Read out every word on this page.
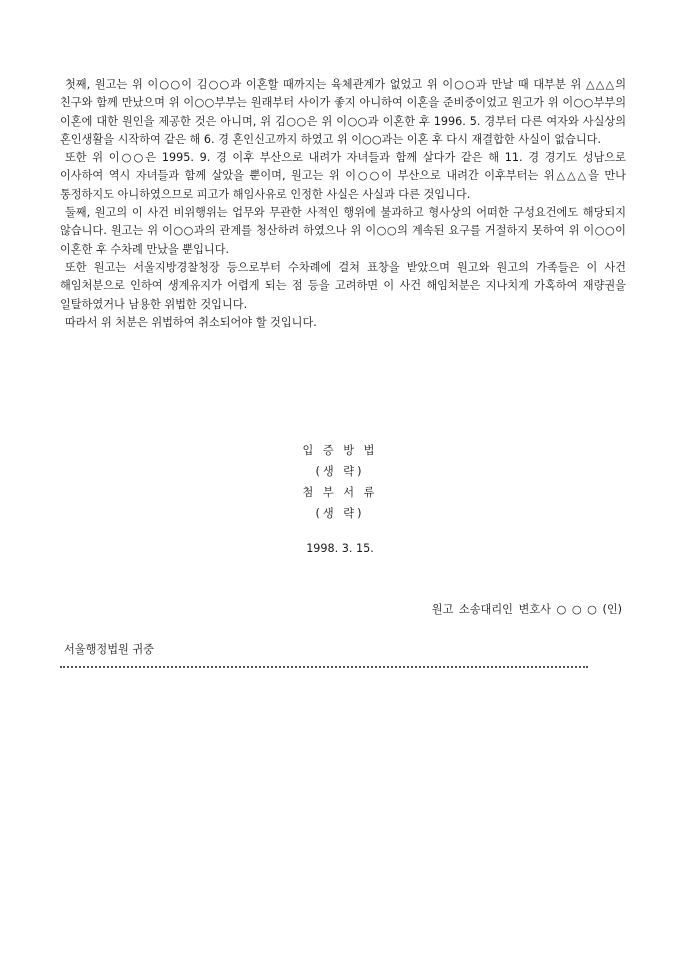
첫째, 원고는 위 이○○이 김○○과 이혼할 때까지는 육체관계가 없었고 위 이○○과 만날 때 대부분 위 △△△의 친구와 함께 만났으며 위 이○○부부는 원래부터 사이가 좋지 아니하여 이혼을 준비중이었고 원고가 위 이○○부부의 이혼에 대한 원인을 제공한 것은 아니며, 위 김○○은 위 이○○과 이혼한 후 1996. 5. 경부터 다른 여자와 사실상의 혼인생활을 시작하여 같은 해 6. 경 혼인신고까지 하였고 위 이○○과는 이혼 후 다시 재결합한 사실이 없습니다.

또한 위 이○○은 1995. 9. 경 이후 부산으로 내려가 자녀들과 함께 살다가 같은 해 11. 경 경기도 성남으로 이사하여 역시 자녀들과 함께 살았을 뿐이며, 원고는 위 이○○이 부산으로 내려간 이후부터는 위△△△을 만나 통정하지도 아니하였으므로 피고가 해임사유로 인정한 사실은 사실과 다른 것입니다.

둘째, 원고의 이 사건 비위행위는 업무와 무관한 사적인 행위에 불과하고 형사상의 어떠한 구성요건에도 해당되지 않습니다. 원고는 위 이○○과의 관계를 청산하려 하였으나 위 이○○의 계속된 요구를 거절하지 못하여 위 이○○이 이혼한 후 수차례 만났을 뿐입니다.

또한 원고는 서울지방경찰청장 등으로부터 수차례에 걸쳐 표창을 받았으며 원고와 원고의 가족들은 이 사건 해임처분으로 인하여 생계유지가 어렵게 되는 점 등을 고려하면 이 사건 해임처분은 지나치게 가혹하여 재량권을 일탈하였거나 남용한 위법한 것입니다.

따라서 위 처분은 위법하여 취소되어야 할 것입니다.

입 증 방 법
(생 략)
첨 부 서 류
(생 략)
1998. 3. 15.
원고 소송대리인 변호사 ○ ○ ○ (인)
서울행정법원 귀중
